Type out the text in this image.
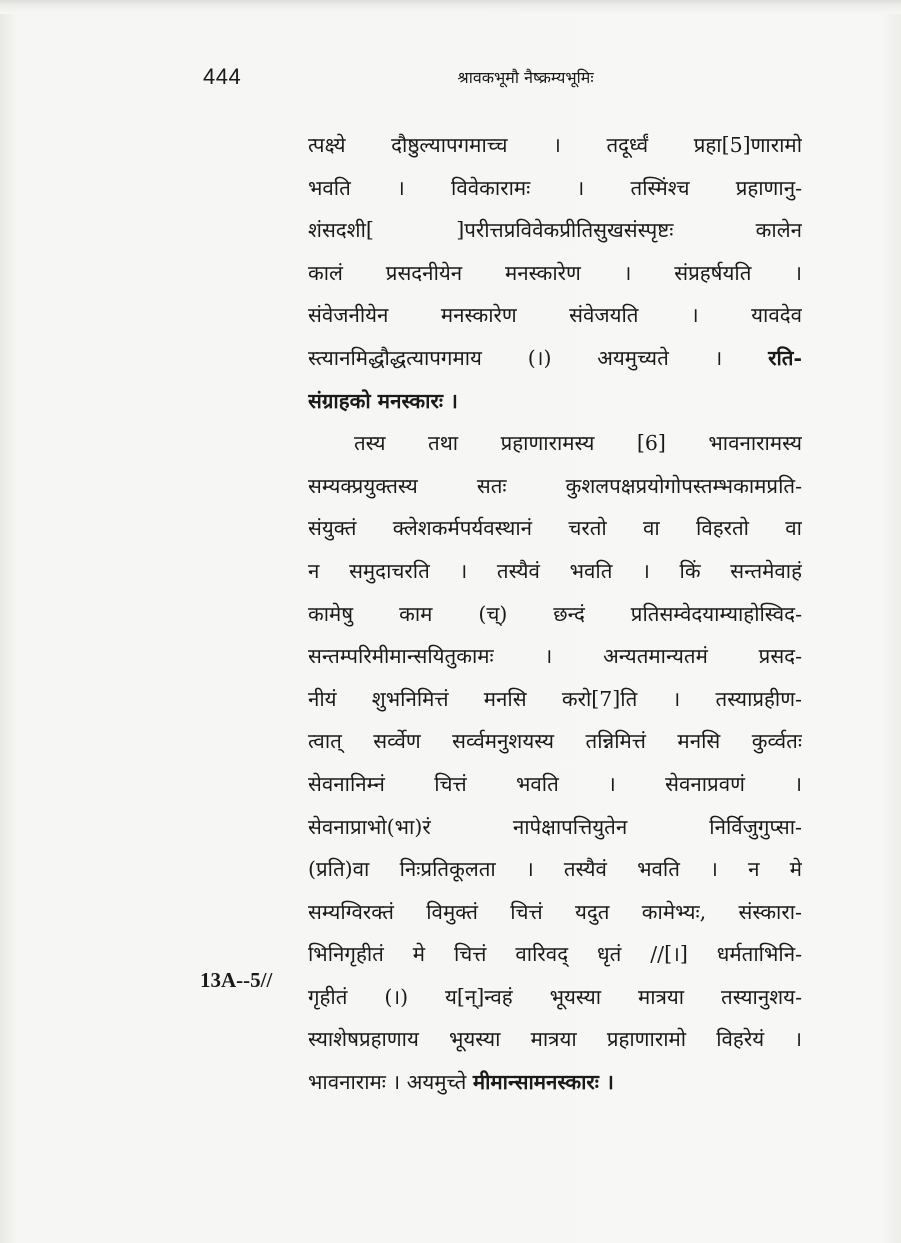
444	श्रावकभूमौ नैष्क्रम्यभूमिः
त्पक्ष्ये दौष्ठुल्यापगमाच्च । तदूर्ध्वं प्रहा[5]णारामो
भवति । विवेकारामः । तस्मिंश्च प्रहाणानु-
शंसदशी[ ]परीत्तप्रविवेकप्रीतिसुखसंस्पृष्टः कालेन
कालं प्रसदनीयेन मनस्कारेण । संप्रहर्षयति ।
संवेजनीयेन मनस्कारेण संवेजयति । यावदेव
स्त्यानमिद्धौद्धत्यापगमाय (।) अयमुच्यते । रति-
संग्राहको मनस्कारः ।
तस्य तथा प्रहाणारामस्य [6] भावनारामस्य
सम्यक्प्रयुक्तस्य सतः कुशलपक्षप्रयोगोपस्तम्भकामप्रति-
संयुक्तं क्लेशकर्मपर्यवस्थानं चरतो वा विहरतो वा
न समुदाचरति । तस्यैवं भवति । किं सन्तमेवाहं
कामेषु काम (च्) छन्दं प्रतिसम्वेदयाम्याहोस्विद-
सन्तम्परिमीमान्सयितुकामः । अन्यतमान्यतमं प्रसद-
नीयं शुभनिमित्तं मनसि करो[7]ति । तस्याप्रहीण-
त्वात् सर्व्वेण सर्व्वमनुशयस्य तन्निमित्तं मनसि कुर्व्वतः
सेवनानिम्नं चित्तं भवति । सेवनाप्रवणं ।
सेवनाप्राभो(भा)रं नापेक्षापत्तियुतेन निर्विजुगुप्सा-
(प्रति)वा निःप्रतिकूलता । तस्यैवं भवति । न मे
सम्यग्विरक्तं विमुक्तं चित्तं यदुत कामेभ्यः, संस्कारा-
भिनिगृहीतं मे चित्तं वारिवद् धृतं //[।] धर्मताभिनि-
गृहीतं (।) य[न्]न्वहं भूयस्या मात्रया तस्यानुशय-
स्याशेषप्रहाणाय भूयस्या मात्रया प्रहाणारामो विहरेयं ।
भावनारामः । अयमुच्ते मीमान्सामनस्कारः ।
13A--5//
